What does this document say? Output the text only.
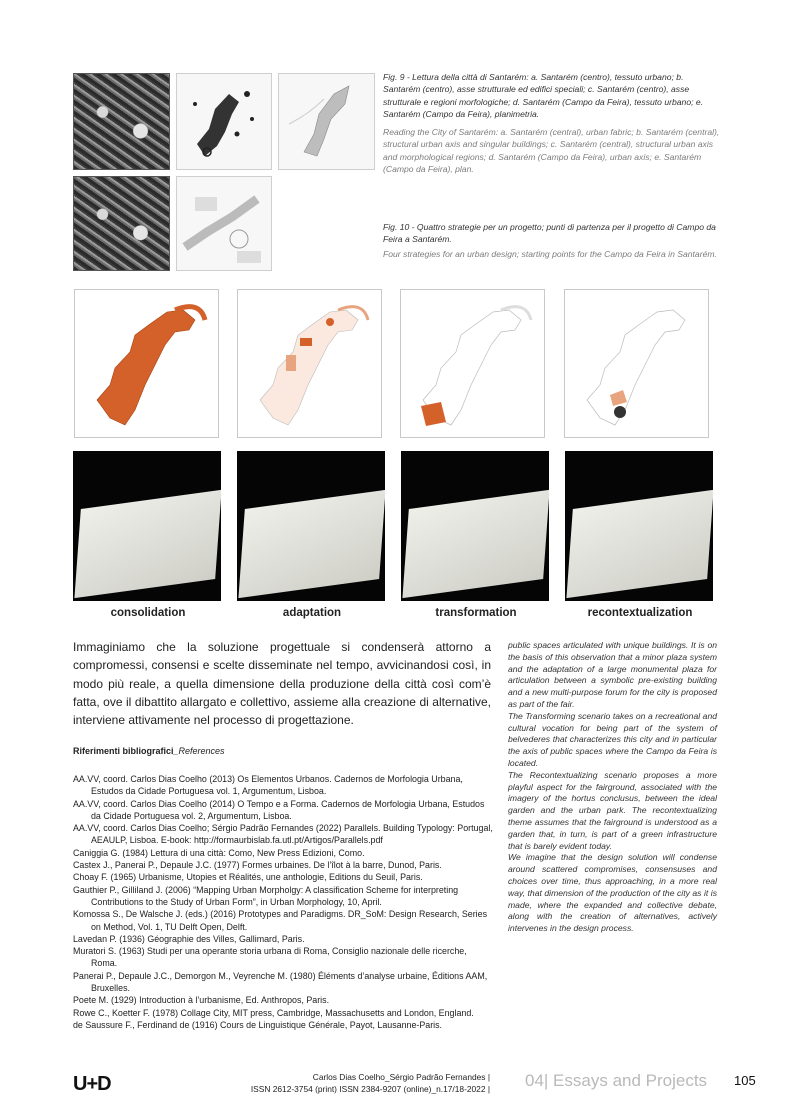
Fig. 9 - Lettura della città di Santarém: a. Santarém (centro), tessuto urbano; b. Santarém (centro), asse strutturale ed edifici speciali; c. Santarém (centro), asse strutturale e regioni morfologiche; d. Santarém (Campo da Feira), tessuto urbano; e. Santarém (Campo da Feira), planimetria.
Reading the City of Santarém: a. Santarém (central), urban fabric; b. Santarém (central), structural urban axis and singular buildings; c. Santarém (central), structural urban axis and morphological regions; d. Santarém (Campo da Feira), urban axis; e. Santarém (Campo da Feira), plan.
Fig. 10 - Quattro strategie per un progetto; punti di partenza per il progetto di Campo da Feira a Santarém.
Four strategies for an urban design; starting points for the Campo da Feira in Santarém.
consolidation	adaptation	transformation	recontextualization
Immaginiamo che la soluzione progettuale si condenserà attorno a compromessi, consensi e scelte disseminate nel tempo, avvicinandosi così, in modo più reale, a quella dimensione della produzione della città così com’è fatta, ove il dibattito allargato e collettivo, assieme alla creazione di alternative, interviene attivamente nel processo di progettazione.
Riferimenti bibliografici_References

AA.VV, coord. Carlos Dias Coelho (2013) Os Elementos Urbanos. Cadernos de Morfologia Urbana, Estudos da Cidade Portuguesa vol. 1, Argumentum, Lisboa.

AA.VV, coord. Carlos Dias Coelho (2014) O Tempo e a Forma. Cadernos de Morfologia Urbana, Estudos da Cidade Portuguesa vol. 2, Argumentum, Lisboa.

AA.VV, coord. Carlos Dias Coelho; Sérgio Padrão Fernandes (2022) Parallels. Building Typology: Portugal, AEAULP, Lisboa. E-book: http://formaurbislab.fa.utl.pt/Artigos/Parallels.pdf

Caniggia G. (1984) Lettura di una città: Como, New Press Edizioni, Como.

Castex J., Panerai P., Depaule J.C. (1977) Formes urbaines. De l’îlot à la barre, Dunod, Paris.

Choay F. (1965) Urbanisme, Utopies et Réalités, une anthologie, Editions du Seuil, Paris.

Gauthier P., Gilliland J. (2006) “Mapping Urban Morpholgy: A classification Scheme for interpreting Contributions to the Study of Urban Form”, in Urban Morphology, 10, April.

Komossa S., De Walsche J. (eds.) (2016) Prototypes and Paradigms. DR_SoM: Design Research, Series on Method, Vol. 1, TU Delft Open, Delft.

Lavedan P. (1936) Géographie des Villes, Gallimard, Paris.

Muratori S. (1963) Studi per una operante storia urbana di Roma, Consiglio nazionale delle ricerche, Roma.

Panerai P., Depaule J.C., Demorgon M., Veyrenche M. (1980) Éléments d’analyse urbaine, Éditions AAM, Bruxelles.

Poete M. (1929) Introduction à l’urbanisme, Ed. Anthropos, Paris.

Rowe C., Koetter F. (1978) Collage City, MIT press, Cambridge, Massachusetts and London, England.

de Saussure F., Ferdinand de (1916) Cours de Linguistique Générale, Payot, Lausanne-Paris.

public spaces articulated with unique buildings. It is on the basis of this observation that a minor plaza system and the adaptation of a large monumental plaza for articulation between a symbolic pre-existing building and a new multi-purpose forum for the city is proposed as part of the fair.

The Transforming scenario takes on a recreational and cultural vocation for being part of the system of belvederes that characterizes this city and in particular the axis of public spaces where the Campo da Feira is located.

The Recontextualizing scenario proposes a more playful aspect for the fairground, associated with the imagery of the hortus conclusus, between the ideal garden and the urban park. The recontextualizing theme assumes that the fairground is understood as a garden that, in turn, is part of a green infrastructure that is barely evident today.

We imagine that the design solution will condense around scattered compromises, consensuses and choices over time, thus approaching, in a more real way, that dimension of the production of the city as it is made, where the expanded and collective debate, along with the creation of alternatives, actively intervenes in the design process.

U+D	Carlos Dias Coelho_Sérgio Padrão Fernandes |
ISSN 2612-3754 (print) ISSN 2384-9207 (online)_n.17/18-2022 | 04| Essays and Projects 105
